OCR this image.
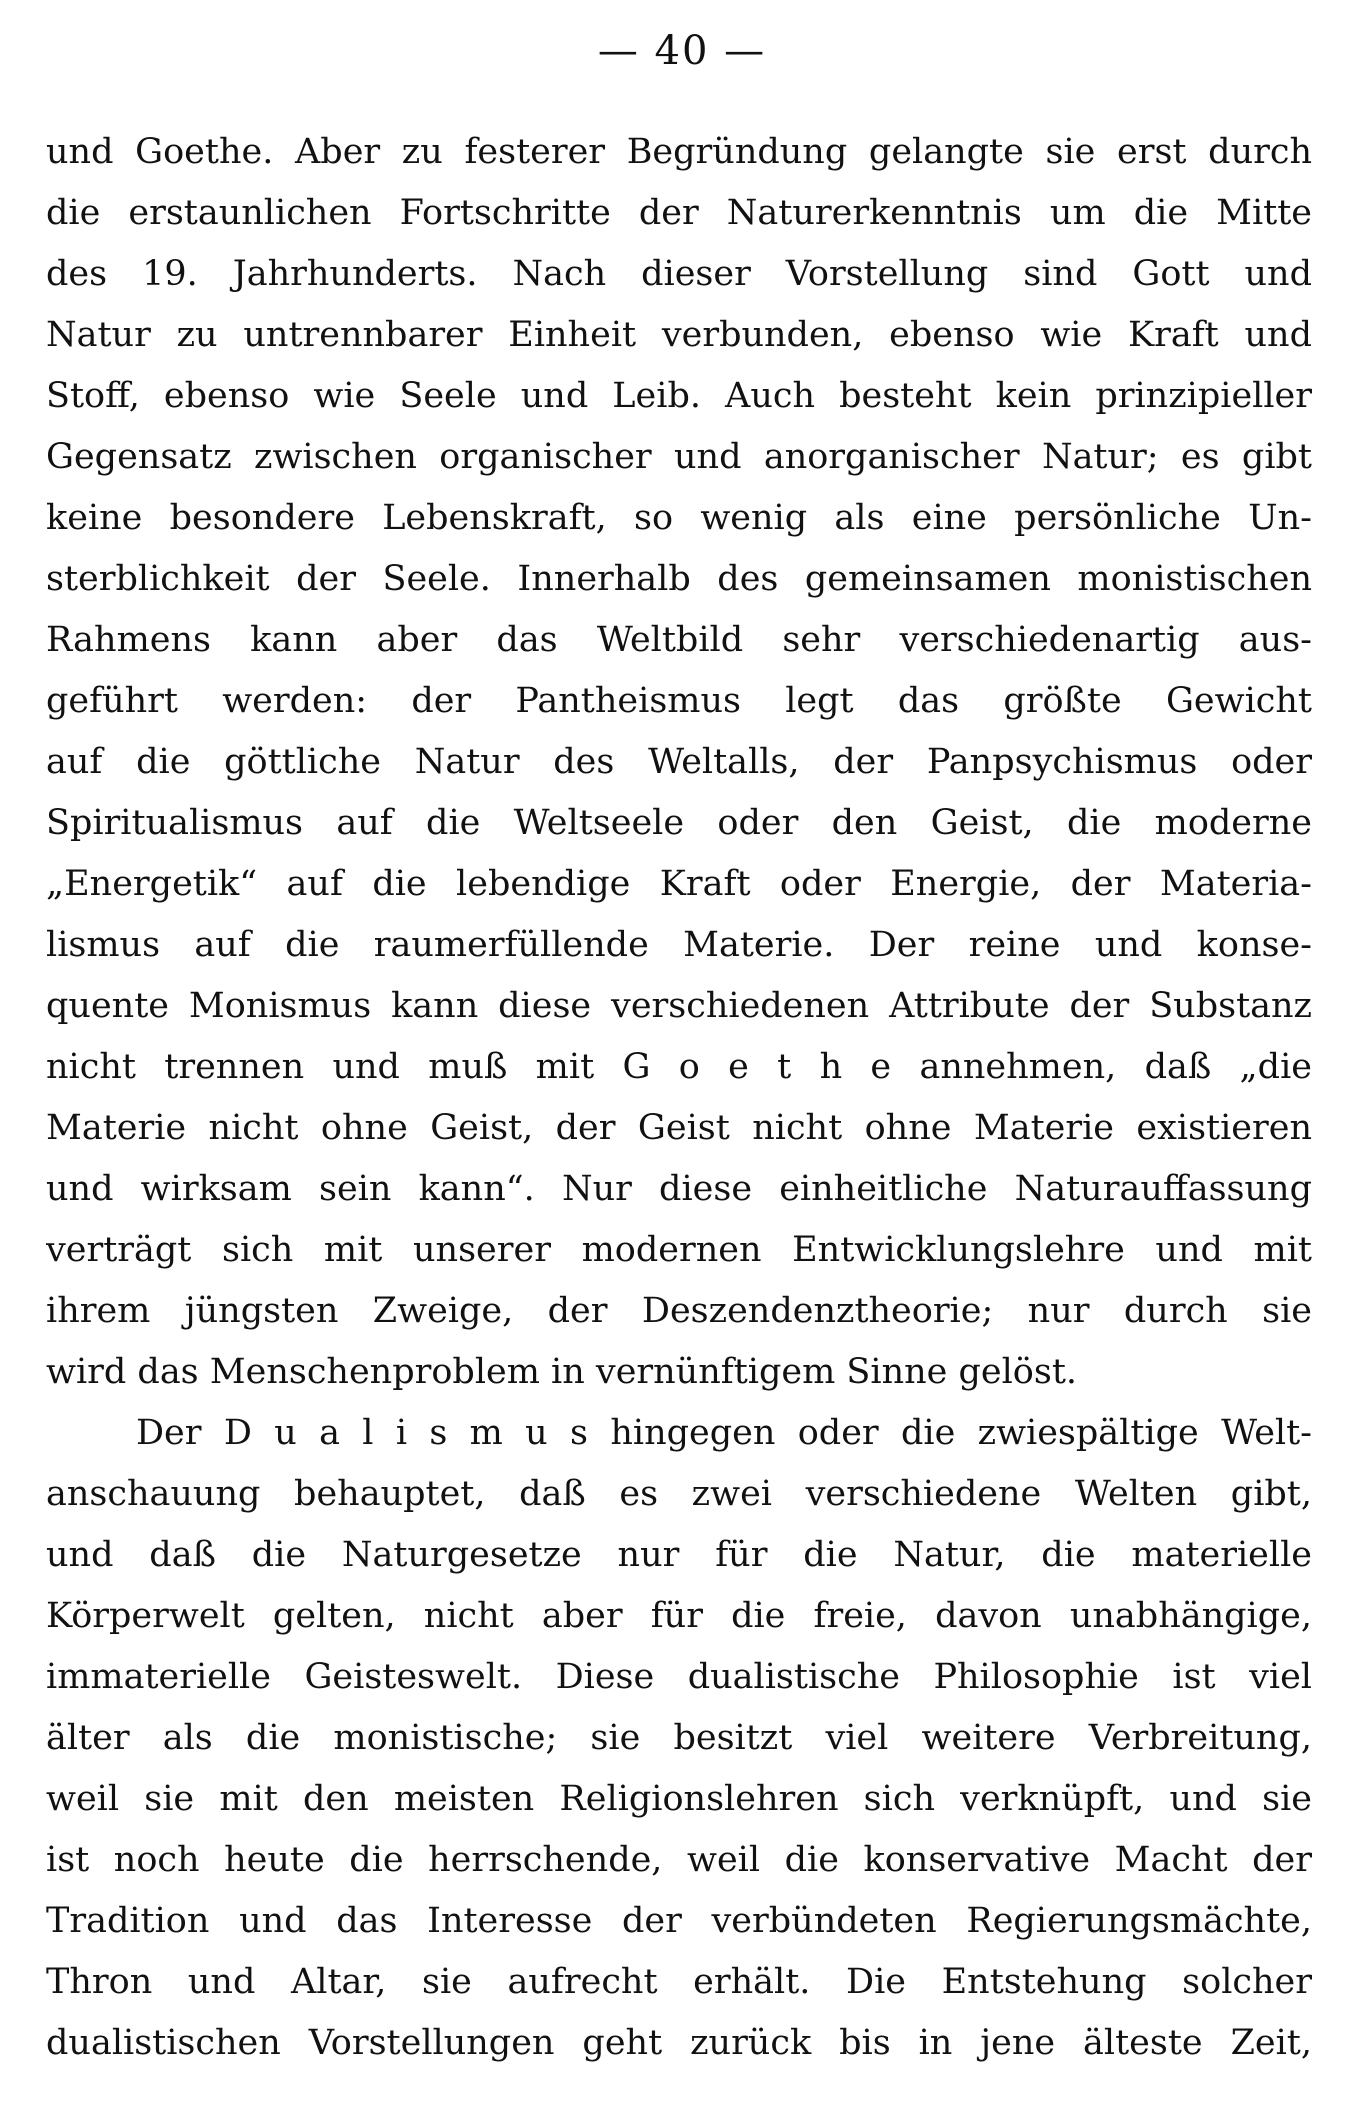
— 40 —
und Goethe. Aber zu festerer Begründung gelangte sie erst durch
die erstaunlichen Fortschritte der Naturerkenntnis um die Mitte
des 19. Jahrhunderts. Nach dieser Vorstellung sind Gott und
Natur zu untrennbarer Einheit verbunden, ebenso wie Kraft und
Stoff, ebenso wie Seele und Leib. Auch besteht kein prinzipieller
Gegensatz zwischen organischer und anorganischer Natur; es gibt
keine besondere Lebenskraft, so wenig als eine persönliche Un-
sterblichkeit der Seele. Innerhalb des gemeinsamen monistischen
Rahmens kann aber das Weltbild sehr verschiedenartig aus-
geführt werden: der Pantheismus legt das größte Gewicht
auf die göttliche Natur des Weltalls, der Panpsychismus oder
Spiritualismus auf die Weltseele oder den Geist, die moderne
„Energetik“ auf die lebendige Kraft oder Energie, der Materia-
lismus auf die raumerfüllende Materie. Der reine und konse-
quente Monismus kann diese verschiedenen Attribute der Substanz
nicht trennen und muß mit G o e t h e annehmen, daß „die
Materie nicht ohne Geist, der Geist nicht ohne Materie existieren
und wirksam sein kann“. Nur diese einheitliche Naturauffassung
verträgt sich mit unserer modernen Entwicklungslehre und mit
ihrem jüngsten Zweige, der Deszendenztheorie; nur durch sie
wird das Menschenproblem in vernünftigem Sinne gelöst.
Der D u a l i s m u s hingegen oder die zwiespältige Welt-
anschauung behauptet, daß es zwei verschiedene Welten gibt,
und daß die Naturgesetze nur für die Natur, die materielle
Körperwelt gelten, nicht aber für die freie, davon unabhängige,
immaterielle Geisteswelt. Diese dualistische Philosophie ist viel
älter als die monistische; sie besitzt viel weitere Verbreitung,
weil sie mit den meisten Religionslehren sich verknüpft, und sie
ist noch heute die herrschende, weil die konservative Macht der
Tradition und das Interesse der verbündeten Regierungsmächte,
Thron und Altar, sie aufrecht erhält. Die Entstehung solcher
dualistischen Vorstellungen geht zurück bis in jene älteste Zeit,
